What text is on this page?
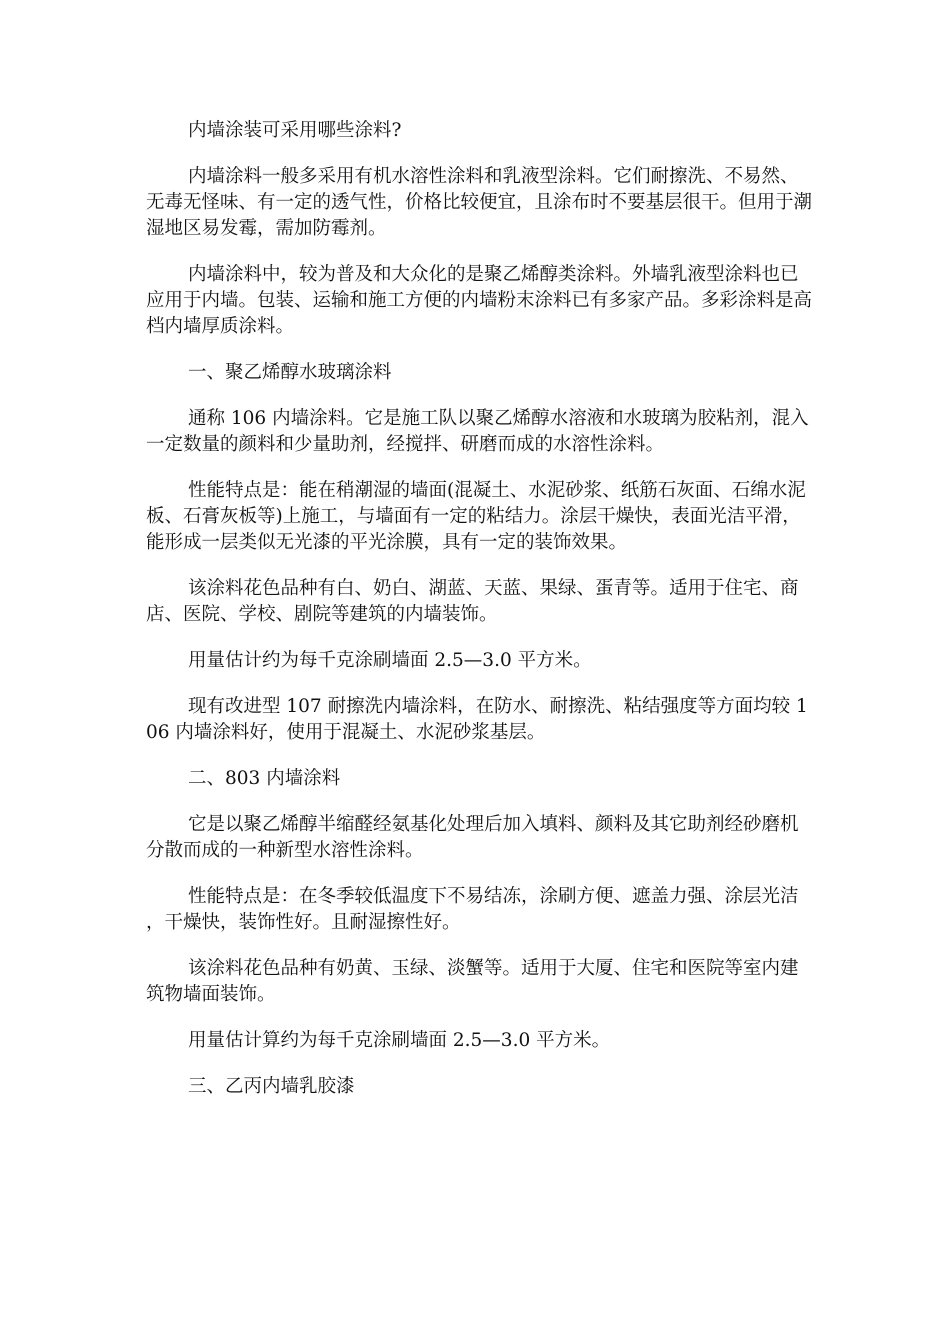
内墙涂装可采用哪些涂料?

内墙涂料一般多采用有机水溶性涂料和乳液型涂料。它们耐擦洗、不易然、无毒无怪味、有一定的透气性，价格比较便宜，且涂布时不要基层很干。但用于潮湿地区易发霉，需加防霉剂。

内墙涂料中，较为普及和大众化的是聚乙烯醇类涂料。外墙乳液型涂料也已应用于内墙。包装、运输和施工方便的内墙粉末涂料已有多家产品。多彩涂料是高档内墙厚质涂料。

一、聚乙烯醇水玻璃涂料

通称 106 内墙涂料。它是施工队以聚乙烯醇水溶液和水玻璃为胶粘剂，混入一定数量的颜料和少量助剂，经搅拌、研磨而成的水溶性涂料。

性能特点是：能在稍潮湿的墙面(混凝土、水泥砂浆、纸筋石灰面、石绵水泥板、石膏灰板等)上施工，与墙面有一定的粘结力。涂层干燥快，表面光洁平滑，能形成一层类似无光漆的平光涂膜，具有一定的装饰效果。

该涂料花色品种有白、奶白、湖蓝、天蓝、果绿、蛋青等。适用于住宅、商店、医院、学校、剧院等建筑的内墙装饰。

用量估计约为每千克涂刷墙面 2.5—3.0 平方米。

现有改进型 107 耐擦洗内墙涂料，在防水、耐擦洗、粘结强度等方面均较 106 内墙涂料好，使用于混凝土、水泥砂浆基层。

二、803 内墙涂料

它是以聚乙烯醇半缩醛经氨基化处理后加入填料、颜料及其它助剂经砂磨机分散而成的一种新型水溶性涂料。

性能特点是：在冬季较低温度下不易结冻，涂刷方便、遮盖力强、涂层光洁，干燥快，装饰性好。且耐湿擦性好。

该涂料花色品种有奶黄、玉绿、淡蟹等。适用于大厦、住宅和医院等室内建筑物墙面装饰。

用量估计算约为每千克涂刷墙面 2.5—3.0 平方米。

三、乙丙内墙乳胶漆
